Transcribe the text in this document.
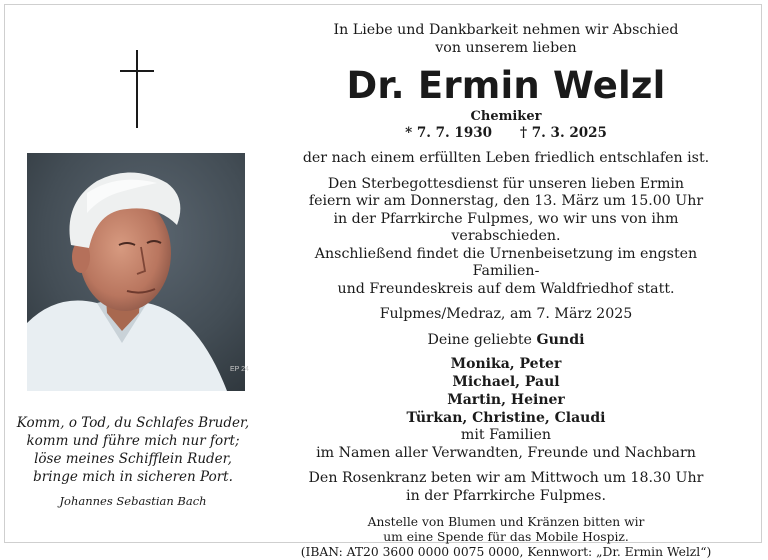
EP 24
Komm, o Tod, du Schlafes Bruder,
komm und führe mich nur fort;
löse meines Schifflein Ruder,
bringe mich in sicheren Port.
Johannes Sebastian Bach
In Liebe und Dankbarkeit nehmen wir Abschied
von unserem lieben
Dr. Ermin Welzl
Chemiker
* 7. 7. 1930 † 7. 3. 2025
der nach einem erfüllten Leben friedlich entschlafen ist.
Den Sterbegottesdienst für unseren lieben Ermin
feiern wir am Donnerstag, den 13. März um 15.00 Uhr
in der Pfarrkirche Fulpmes, wo wir uns von ihm verabschieden.
Anschließend findet die Urnenbeisetzung im engsten Familien-
und Freundeskreis auf dem Waldfriedhof statt.
Fulpmes/Medraz, am 7. März 2025
Deine geliebte Gundi
Monika, Peter
Michael, Paul
Martin, Heiner
Türkan, Christine, Claudi
mit Familien
im Namen aller Verwandten, Freunde und Nachbarn
Den Rosenkranz beten wir am Mittwoch um 18.30 Uhr
in der Pfarrkirche Fulpmes.
Anstelle von Blumen und Kränzen bitten wir
um eine Spende für das Mobile Hospiz.
(IBAN: AT20 3600 0000 0075 0000, Kennwort: „Dr. Ermin Welzl“)
